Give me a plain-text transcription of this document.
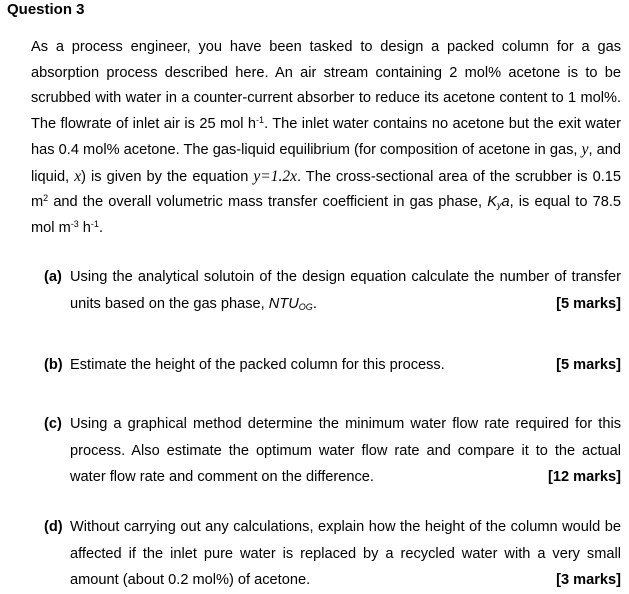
Question 3
As a process engineer, you have been tasked to design a packed column for a gas absorption process described here. An air stream containing 2 mol% acetone is to be scrubbed with water in a counter-current absorber to reduce its acetone content to 1 mol%. The flowrate of inlet air is 25 mol $h^{-1}$. The inlet water contains no acetone but the exit water has 0.4 mol% acetone. The gas-liquid equilibrium (for composition of acetone in gas, y, and liquid, x) is given by the equation y=1.2x. The cross-sectional area of the scrubber is 0.15 $m^2$ and the overall volumetric mass transfer coefficient in gas phase, $K_ya$, is equal to 78.5 mol $m^{-3}$ $h^{-1}$.
(a) Using the analytical solutoin of the design equation calculate the number of transfer units based on the gas phase, $NTU_{OG}$.	[5 marks]
(b) Estimate the height of the packed column for this process.	[5 marks]
(c) Using a graphical method determine the minimum water flow rate required for this process. Also estimate the optimum water flow rate and compare it to the actual water flow rate and comment on the difference.	[12 marks]
(d) Without carrying out any calculations, explain how the height of the column would be affected if the inlet pure water is replaced by a recycled water with a very small amount (about 0.2 mol%) of acetone.	[3 marks]
